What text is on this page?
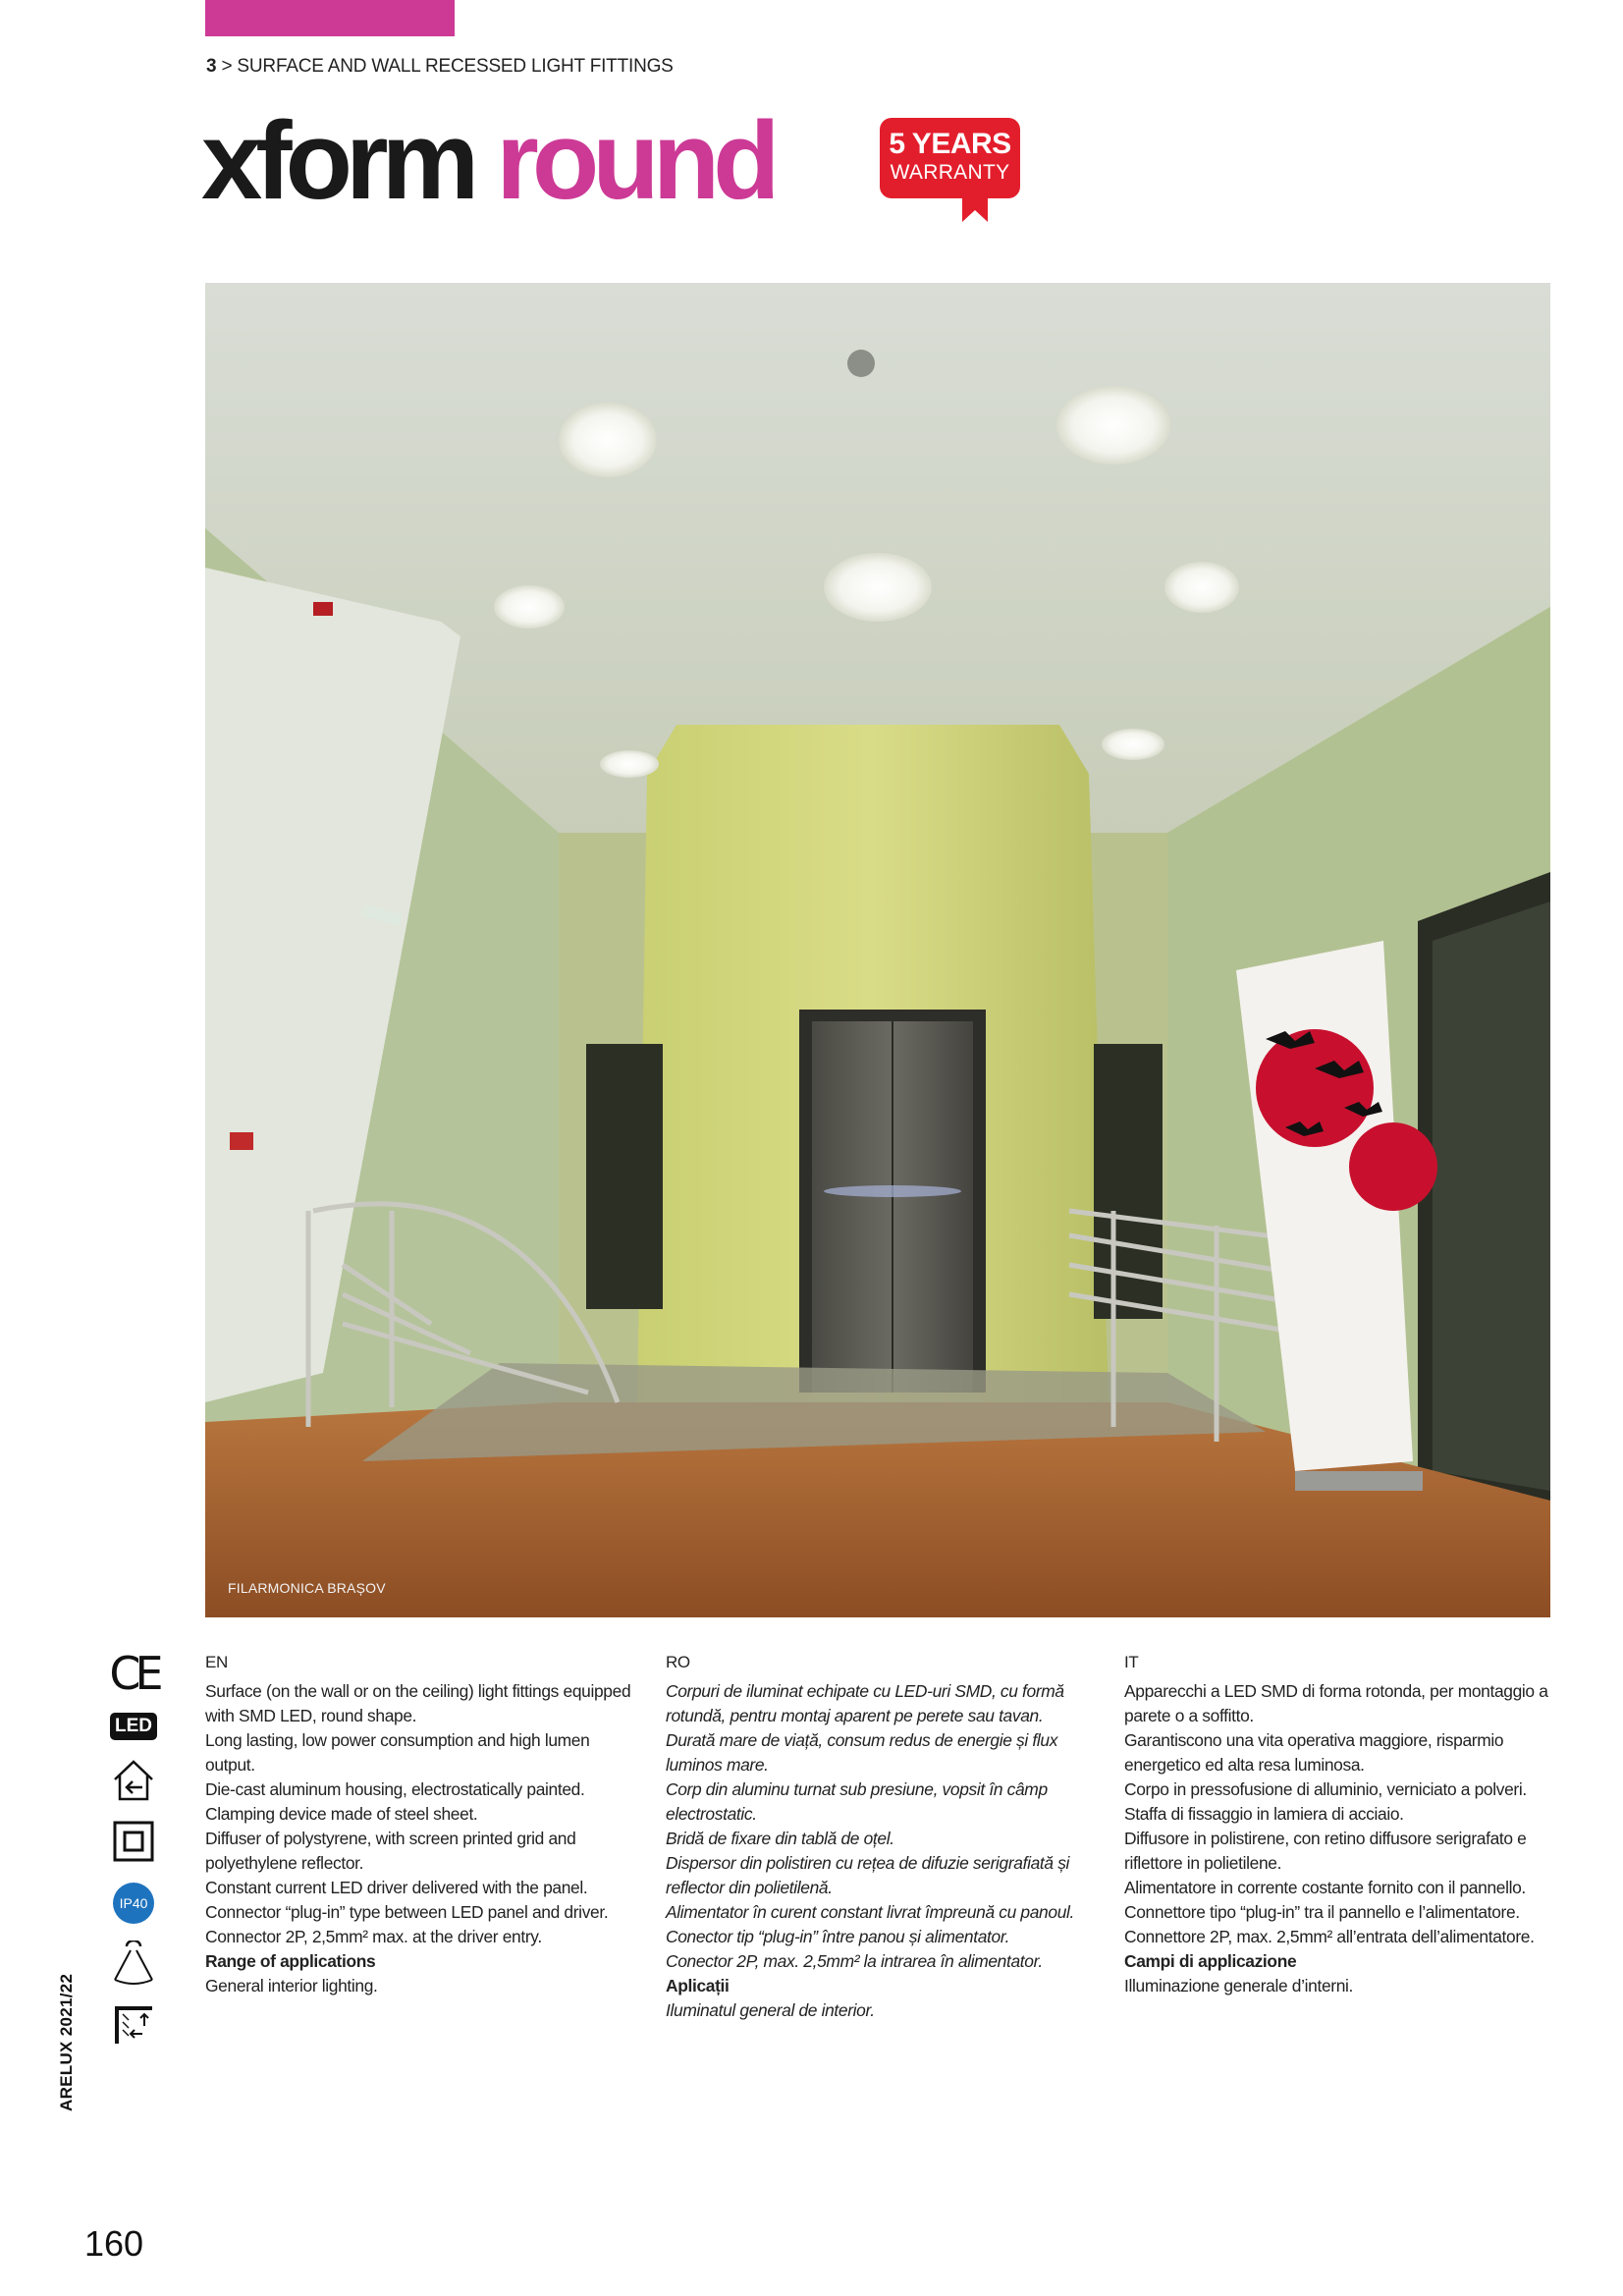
3 > SURFACE AND WALL RECESSED LIGHT FITTINGS
xform round	5 YEARS
WARRANTY
FILARMONICA BRAȘOV
CE
LED
IP40
EN
Surface (on the wall or on the ceiling) light fittings equipped with SMD LED, round shape.
Long lasting, low power consumption and high lumen output.
Die-cast aluminum housing, electrostatically painted.
Clamping device made of steel sheet.
Diffuser of polystyrene, with screen printed grid and polyethylene reflector.
Constant current LED driver delivered with the panel.
Connector “plug-in” type between LED panel and driver.
Connector 2P, 2,5mm² max. at the driver entry.
Range of applications
General interior lighting.
RO
Corpuri de iluminat echipate cu LED-uri SMD, cu formă rotundă, pentru montaj aparent pe perete sau tavan.
Durată mare de viață, consum redus de energie și flux luminos mare.
Corp din aluminu turnat sub presiune, vopsit în câmp electrostatic.
Bridă de fixare din tablă de oțel.
Dispersor din polistiren cu rețea de difuzie serigrafiată și reflector din polietilenă.
Alimentator în curent constant livrat împreună cu panoul.
Conector tip “plug-in” între panou și alimentator.
Conector 2P, max. 2,5mm² la intrarea în alimentator.
Aplicații
Iluminatul general de interior.
IT
Apparecchi a LED SMD di forma rotonda, per montaggio a parete o a soffitto.
Garantiscono una vita operativa maggiore, risparmio energetico ed alta resa luminosa.
Corpo in pressofusione di alluminio, verniciato a polveri.
Staffa di fissaggio in lamiera di acciaio.
Diffusore in polistirene, con retino diffusore serigrafato e riflettore in polietilene.
Alimentatore in corrente costante fornito con il pannello.
Connettore tipo “plug-in” tra il pannello e l’alimentatore.
Connettore 2P, max. 2,5mm² all’entrata dell’alimentatore.
Campi di applicazione
Illuminazione generale d’interni.
ARELUX 2021/22
160
